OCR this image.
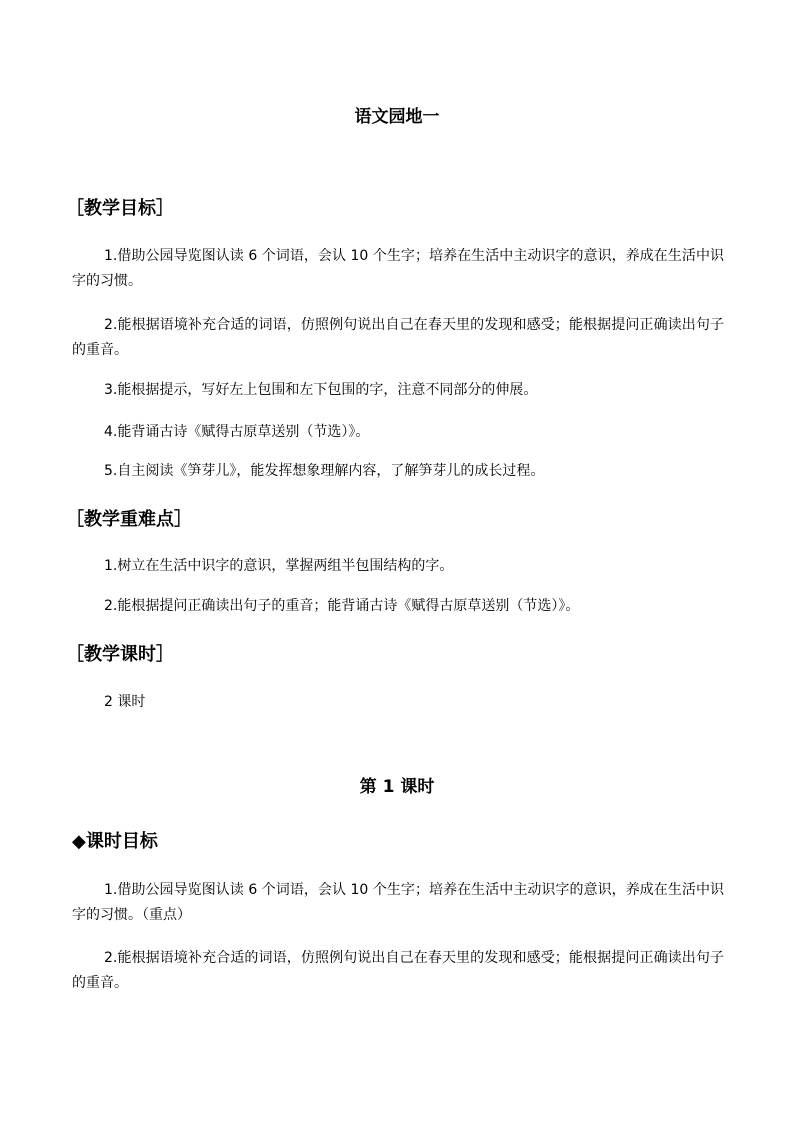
语文园地一
［教学目标］
1.借助公园导览图认读 6 个词语，会认 10 个生字；培养在生活中主动识字的意识，养成在生活中识字的习惯。
2.能根据语境补充合适的词语，仿照例句说出自己在春天里的发现和感受；能根据提问正确读出句子的重音。
3.能根据提示，写好左上包围和左下包围的字，注意不同部分的伸展。
4.能背诵古诗《赋得古原草送别（节选）》。
5.自主阅读《笋芽儿》，能发挥想象理解内容，了解笋芽儿的成长过程。
［教学重难点］
1.树立在生活中识字的意识，掌握两组半包围结构的字。
2.能根据提问正确读出句子的重音；能背诵古诗《赋得古原草送别（节选）》。
［教学课时］
2 课时
第 1 课时
◆课时目标
1.借助公园导览图认读 6 个词语，会认 10 个生字；培养在生活中主动识字的意识，养成在生活中识字的习惯。（重点）
2.能根据语境补充合适的词语，仿照例句说出自己在春天里的发现和感受；能根据提问正确读出句子的重音。
